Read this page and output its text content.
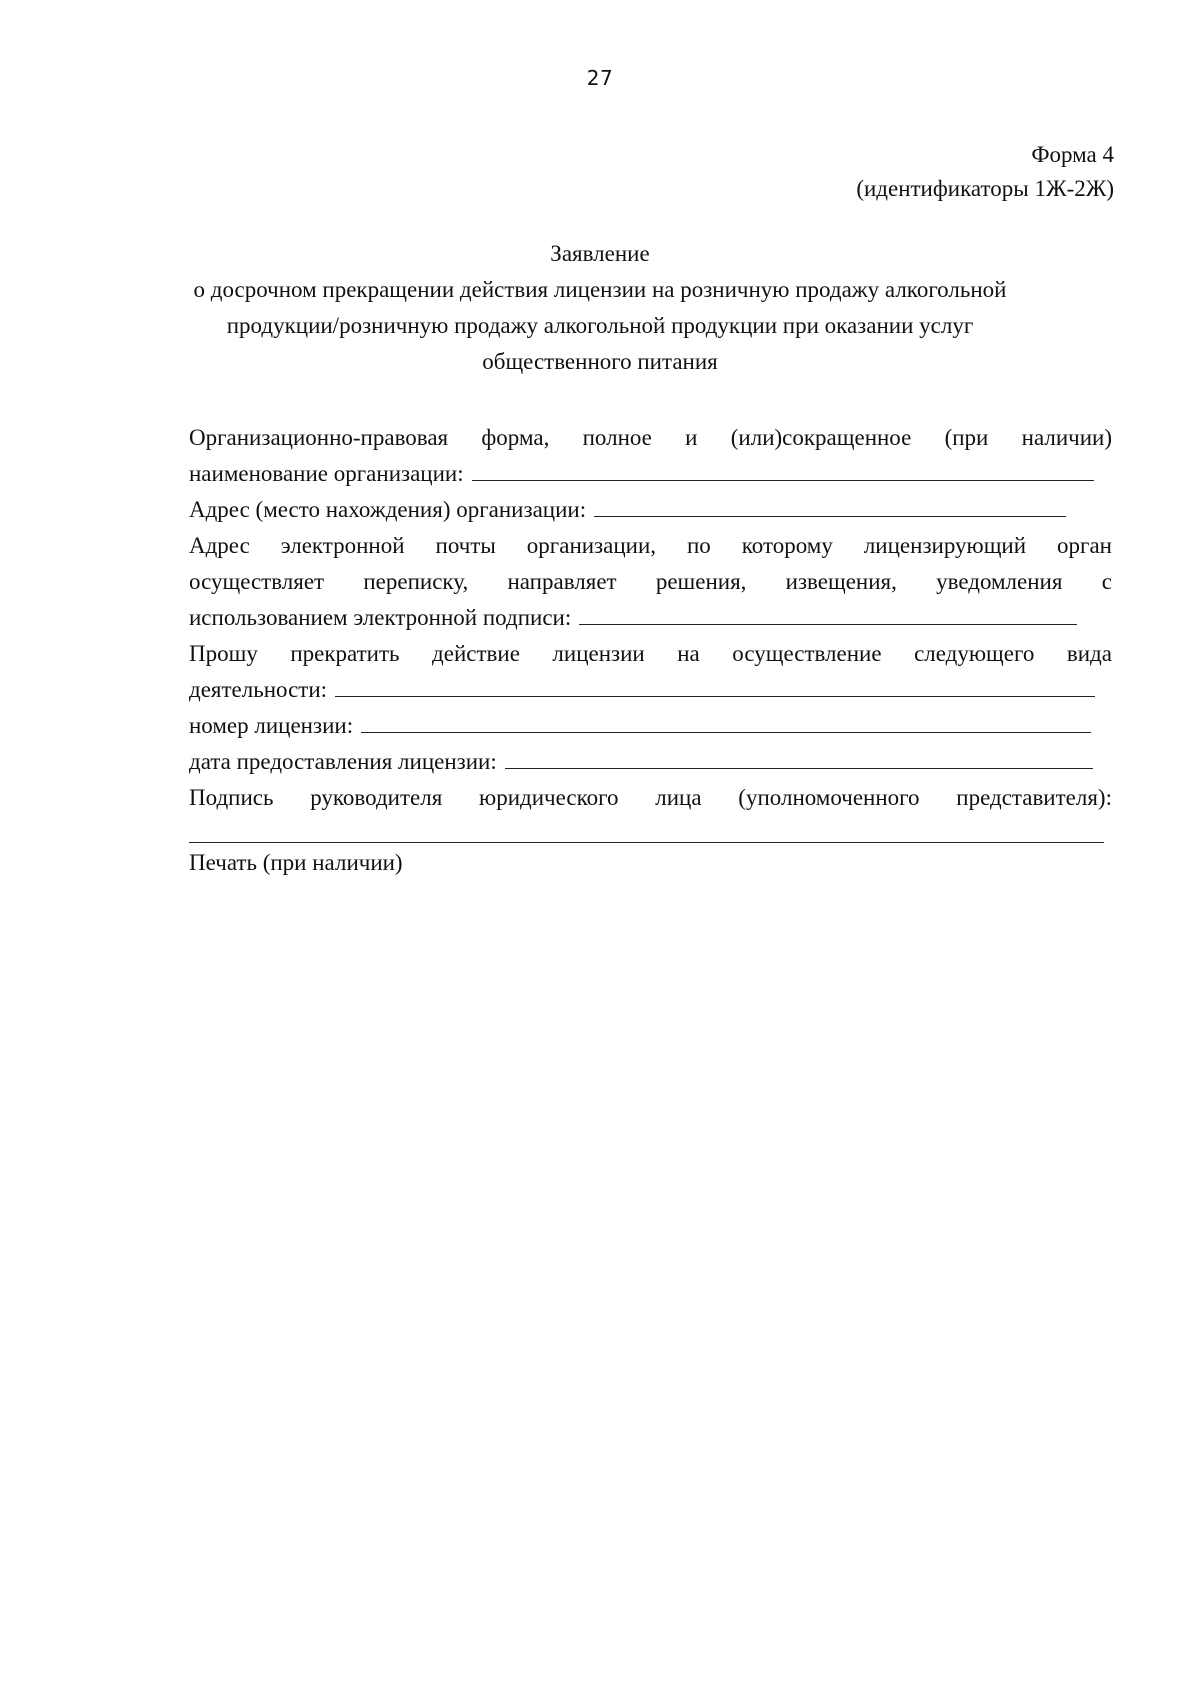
27
Форма 4
(идентификаторы 1Ж-2Ж)
Заявление
о досрочном прекращении действия лицензии на розничную продажу алкогольной
продукции/розничную продажу алкогольной продукции при оказании услуг
общественного питания
Организационно-правовая форма, полное и (или)сокращенное (при наличии)
наименование организации:
Адрес (место нахождения) организации:
Адрес электронной почты организации, по которому лицензирующий орган
осуществляет переписку, направляет решения, извещения, уведомления с
использованием электронной подписи:
Прошу прекратить действие лицензии на осуществление следующего вида
деятельности:
номер лицензии:
дата предоставления лицензии:
Подпись руководителя юридического лица (уполномоченного представителя):
Печать (при наличии)
